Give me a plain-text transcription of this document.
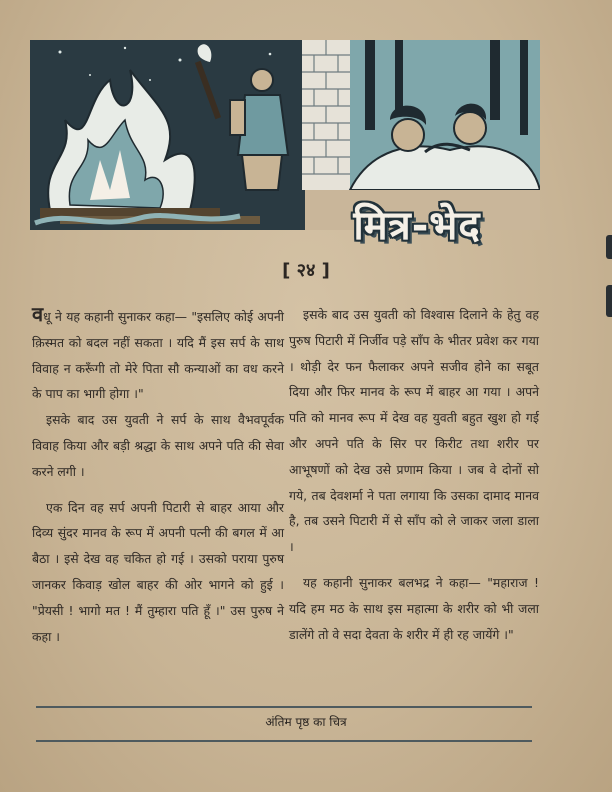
मित्र-भेद
[ २४ ]

वधू ने यह कहानी सुनाकर कहा— "इसलिए कोई अपनी क़िस्मत को बदल नहीं सकता । यदि मैं इस सर्प के साथ विवाह न करूँगी तो मेरे पिता सौ कन्याओं का वध करने के पाप का भागी होगा ।"

इसके बाद उस युवती ने सर्प के साथ वैभवपूर्वक विवाह किया और बड़ी श्रद्धा के साथ अपने पति की सेवा करने लगी ।

एक दिन वह सर्प अपनी पिटारी से बाहर आया और दिव्य सुंदर मानव के रूप में अपनी पत्नी की बगल में आ बैठा । इसे देख वह चकित हो गई । उसको पराया पुरुष जानकर किवाड़ खोल बाहर की ओर भागने को हुई । "प्रेयसी ! भागो मत ! मैं तुम्हारा पति हूँ ।" उस पुरुष ने कहा ।

इसके बाद उस युवती को विश्वास दिलाने के हेतु वह पुरुष पिटारी में निर्जीव पड़े साँप के भीतर प्रवेश कर गया । थोड़ी देर फन फैलाकर अपने सजीव होने का सबूत दिया और फिर मानव के रूप में बाहर आ गया । अपने पति को मानव रूप में देख वह युवती बहुत खुश हो गई और अपने पति के सिर पर किरीट तथा शरीर पर आभूषणों को देख उसे प्रणाम किया । जब वे दोनों सो गये, तब देवशर्मा ने पता लगाया कि उसका दामाद मानव है, तब उसने पिटारी में से साँप को ले जाकर जला डाला ।

यह कहानी सुनाकर बलभद्र ने कहा— "महाराज ! यदि हम मठ के साथ इस महात्मा के शरीर को भी जला डालेंगे तो वे सदा देवता के शरीर में ही रह जायेंगे ।"

अंतिम पृष्ठ का चित्र
